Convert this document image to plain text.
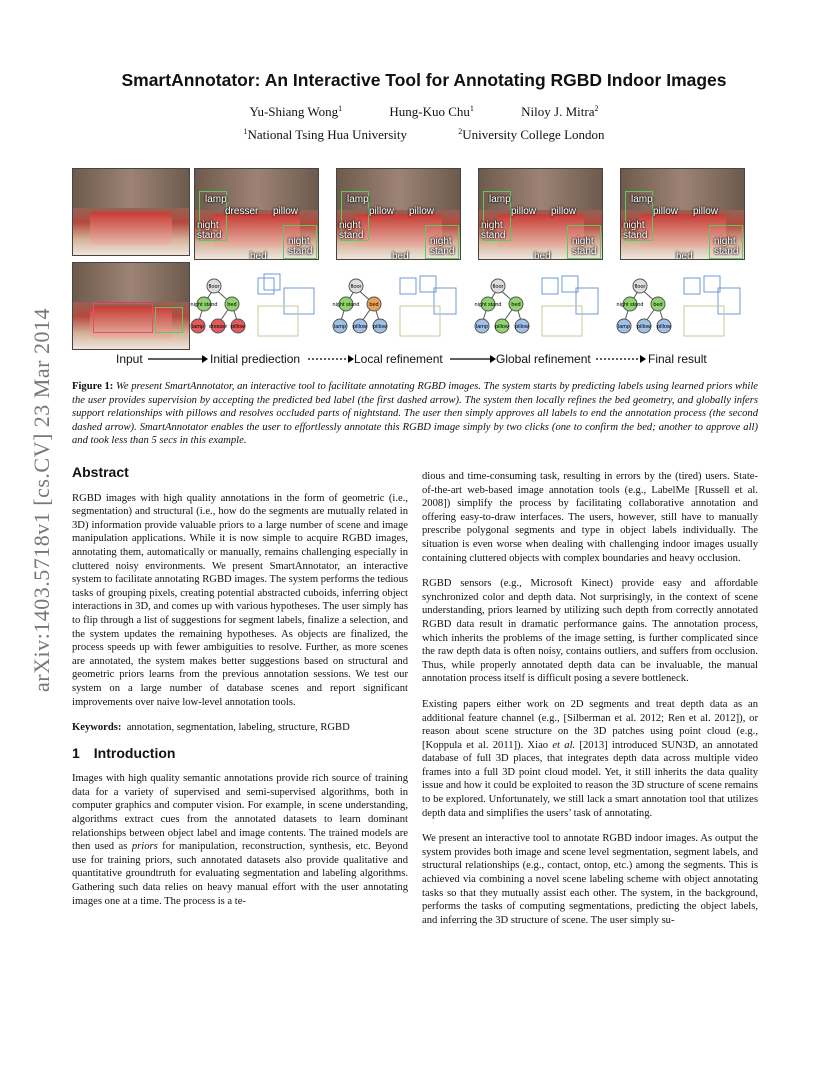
arXiv:1403.5718v1 [cs.CV] 23 Mar 2014
SmartAnnotator: An Interactive Tool for Annotating RGBD Indoor Images
Yu-Shiang Wong$^1$	Hung-Kuo Chu$^1$	Niloy J. Mitra$^2$
$^1$National Tsing Hua University	$^2$University College London
lamp
dresser pillow
night stand
night stand
bed
lamp
pillow pillow
night stand
night stand
bed
lamp
pillow pillow
night stand
night stand
bed
lamp
pillow pillow
night stand
night stand
bed
floor
night stand bed
lamp dresser pillow
floor
night stand bed
lamp pillow pillow
floor
night stand bed
lamp pillow pillow
floor
night stand bed
lamp pillow pillow
Input	Initial prediection	Local refinement	Global refinement	Final result
Figure 1: We present SmartAnnotator, an interactive tool to facilitate annotating RGBD images. The system starts by predicting labels using learned priors while the user provides supervision by accepting the predicted bed label (the first dashed arrow). The system then locally refines the bed geometry, and globally infers support relationships with pillows and resolves occluded parts of nightstand. The user then simply approves all labels to end the annotation process (the second dashed arrow). SmartAnnotator enables the user to effortlessly annotate this RGBD image simply by two clicks (one to confirm the bed; another to approve all) and took less than 5 secs in this example.
Abstract

RGBD images with high quality annotations in the form of geometric (i.e., segmentation) and structural (i.e., how do the segments are mutually related in 3D) information provide valuable priors to a large number of scene and image manipulation applications. While it is now simple to acquire RGBD images, annotating them, automatically or manually, remains challenging especially in cluttered noisy environments. We present SmartAnnotator, an interactive system to facilitate annotating RGBD images. The system performs the tedious tasks of grouping pixels, creating potential abstracted cuboids, inferring object interactions in 3D, and comes up with various hypotheses. The user simply has to flip through a list of suggestions for segment labels, finalize a selection, and the system updates the remaining hypotheses. As objects are finalized, the process speeds up with fewer ambiguities to resolve. Further, as more scenes are annotated, the system makes better suggestions based on structural and geometric priors learns from the previous annotation sessions. We test our system on a large number of database scenes and report significant improvements over naive low-level annotation tools.

Keywords: annotation, segmentation, labeling, structure, RGBD

1 Introduction

Images with high quality semantic annotations provide rich source of training data for a variety of supervised and semi-supervised algorithms, both in computer graphics and computer vision. For example, in scene understanding, algorithms extract cues from the annotated datasets to learn dominant relationships between object label and image contents. The trained models are then used as priors for manipulation, reconstruction, synthesis, etc. Beyond use for training priors, such annotated datasets also provide qualitative and quantitative groundtruth for evaluating segmentation and labeling algorithms. Gathering such data relies on heavy manual effort with the user annotating images one at a time. The process is a te-

dious and time-consuming task, resulting in errors by the (tired) users. State-of-the-art web-based image annotation tools (e.g., LabelMe [Russell et al. 2008]) simplify the process by facilitating collaborative annotation and offering easy-to-draw interfaces. The users, however, still have to manually prescribe polygonal segments and type in object labels individually. The situation is even worse when dealing with challenging indoor images usually containing cluttered objects with complex boundaries and heavy occlusion.

RGBD sensors (e.g., Microsoft Kinect) provide easy and affordable synchronized color and depth data. Not surprisingly, in the context of scene understanding, priors learned by utilizing such depth from correctly annotated RGBD data result in dramatic performance gains. The annotation process, which inherits the problems of the image setting, is further complicated since the raw depth data is often noisy, contains outliers, and suffers from occlusion. Thus, while properly annotated depth data can be invaluable, the manual annotation process itself is difficult posing a severe bottleneck.

Existing papers either work on 2D segments and treat depth data as an additional feature channel (e.g., [Silberman et al. 2012; Ren et al. 2012]), or reason about scene structure on the 3D patches using point cloud (e.g., [Koppula et al. 2011]). Xiao et al. [2013] introduced SUN3D, an annotated database of full 3D places, that integrates depth data across multiple video frames into a full 3D point cloud model. Yet, it still inherits the data quality issue and how it could be exploited to reason the 3D structure of scene remains to be explored. Unfortunately, we still lack a smart annotation tool that utilizes depth data and simplifies the users’ task of annotating.

We present an interactive tool to annotate RGBD indoor images. As output the system provides both image and scene level segmentation, segment labels, and structural relationships (e.g., contact, ontop, etc.) among the segments. This is achieved via combining a novel scene labeling scheme with object annotating tasks so that they mutually assist each other. The system, in the background, performs the tasks of computing segmentations, predicting the object labels, and inferring the 3D structure of scene. The user simply su-
